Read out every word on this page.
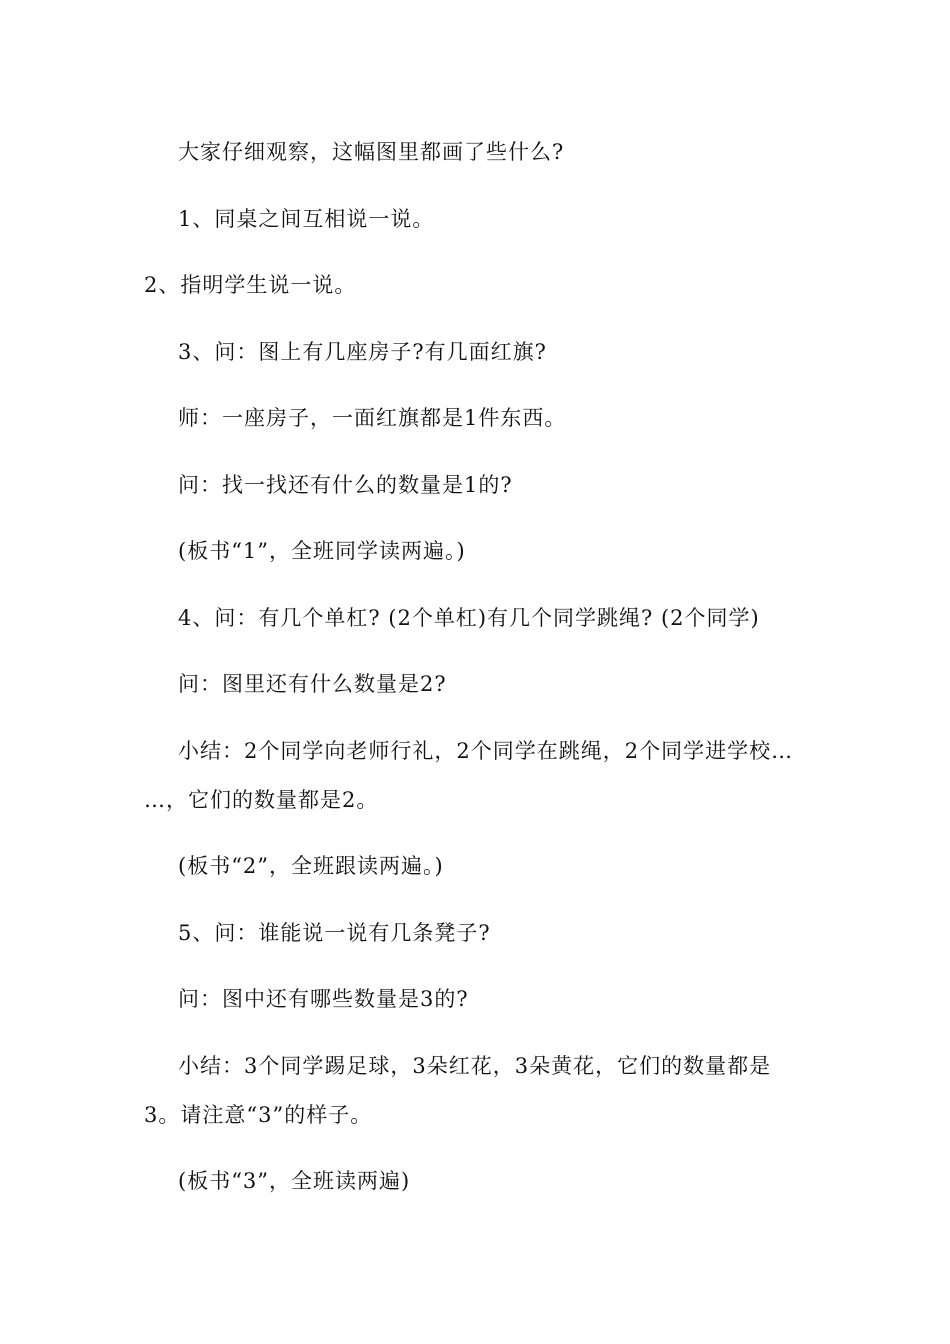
大家仔细观察，这幅图里都画了些什么?
1、同桌之间互相说一说。
2、指明学生说一说。
3、问：图上有几座房子?有几面红旗?
师：一座房子，一面红旗都是1件东西。
问：找一找还有什么的数量是1的?
(板书“1”，全班同学读两遍。)
4、问：有几个单杠? (2个单杠)有几个同学跳绳? (2个同学)
问：图里还有什么数量是2?
小结：2个同学向老师行礼，2个同学在跳绳，2个同学进学校…
…，它们的数量都是2。
(板书“2”，全班跟读两遍。)
5、问：谁能说一说有几条凳子?
问：图中还有哪些数量是3的?
小结：3个同学踢足球，3朵红花，3朵黄花，它们的数量都是
3。请注意“3”的样子。
(板书“3”，全班读两遍)
